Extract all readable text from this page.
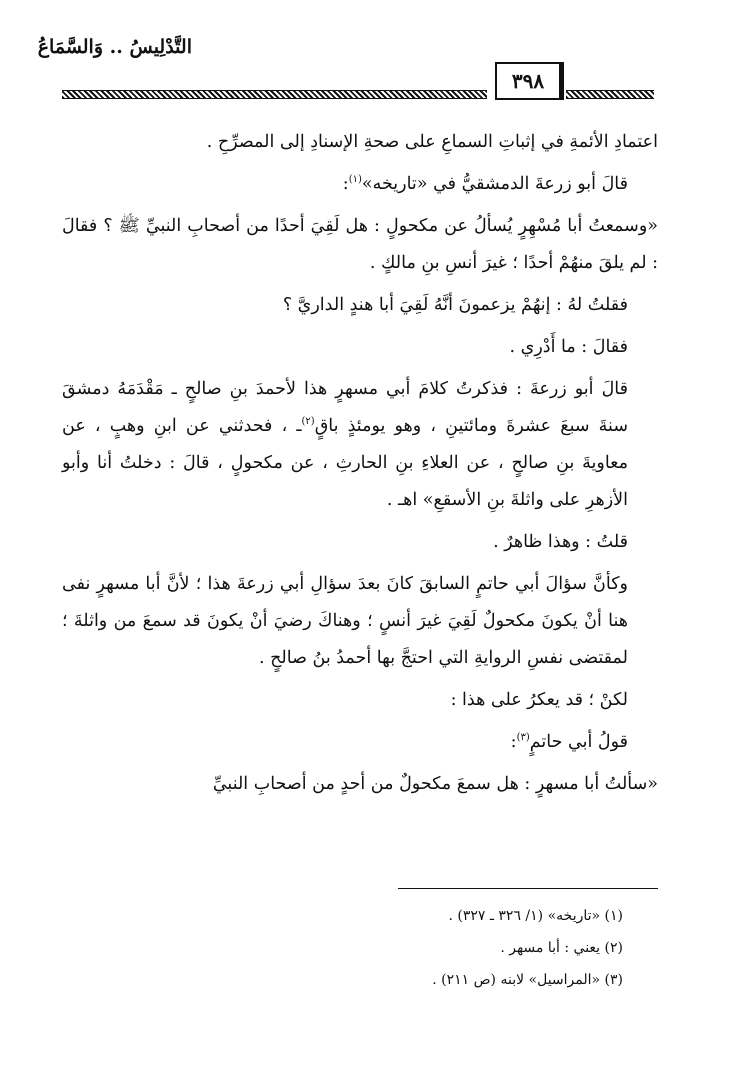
التَّدْلِيسُ .. وَالسَّمَاعُ
٣٩٨

اعتمادِ الأئمةِ في إثباتِ السماعِ على صحةِ الإسنادِ إلى المصرِّحِ .

قالَ أبو زرعةَ الدمشقيُّ في «تاريخه»$^{(١)}$:

«وسمعتُ أبا مُسْهِرٍ يُسألُ عن مكحولٍ : هل لَقِيَ أحدًا من أصحابِ النبيِّ ﷺ ؟ فقالَ : لم يلقَ منهُمْ أحدًا ؛ غيرَ أنسِ بنِ مالكٍ .

فقلتُ لهُ : إنهُمْ يزعمونَ أنَّهُ لَقِيَ أبا هندٍ الداريَّ ؟

فقالَ : ما أَدْرِي .

قالَ أبو زرعةَ : فذكرتُ كلامَ أبي مسهرٍ هذا لأحمدَ بنِ صالحٍ ـ مَقْدَمَهُ دمشقَ سنةَ سبعَ عشرةَ ومائتينِ ، وهو يومئذٍ باقٍ$^{(٢)}$ـ ، فحدثني عن ابنِ وهبٍ ، عن معاويةَ بنِ صالحٍ ، عن العلاءِ بنِ الحارثِ ، عن مكحولٍ ، قالَ : دخلتُ أنا وأبو الأزهرِ على واثلةَ بنِ الأسقعِ» اهـ .

قلتُ : وهذا ظاهرٌ .

وكأنَّ سؤالَ أبي حاتمٍ السابقَ كانَ بعدَ سؤالِ أبي زرعةَ هذا ؛ لأنَّ أبا مسهرٍ نفى هنا أنْ يكونَ مكحولٌ لَقِيَ غيرَ أنسٍ ؛ وهناكَ رضيَ أنْ يكونَ قد سمعَ من واثلةَ ؛ لمقتضى نفسِ الروايةِ التي احتجَّ بها أحمدُ بنُ صالحٍ .

لكنْ ؛ قد يعكرُ على هذا :

قولُ أبي حاتمٍ$^{(٣)}$:

«سألتُ أبا مسهرٍ : هل سمعَ مكحولٌ من أحدٍ من أصحابِ النبيِّ

(١) «تاريخه» (١/ ٣٢٦ ـ ٣٢٧) .

(٢) يعني : أبا مسهر .

(٣) «المراسيل» لابنه (ص ٢١١) .
